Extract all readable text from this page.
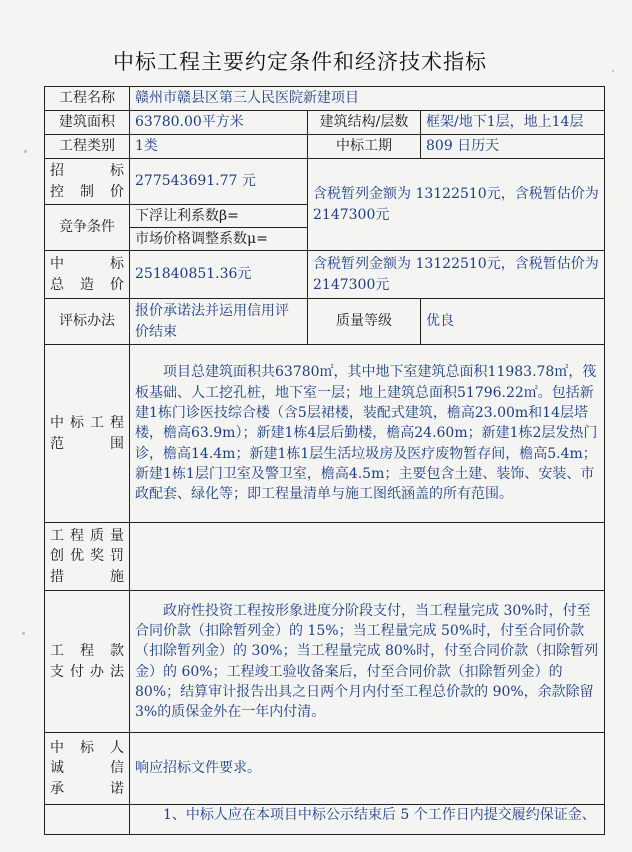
中标工程主要约定条件和经济技术指标
工程名称	赣州市赣县区第三人民医院新建项目		
建筑面积	63780.00平方米	建筑结构/层数	框架/地下1层，地上14层
工程类别	1类	中标工期	809 日历天

招　标
控制价	277543691.77 元	含税暂列金额为 13122510元，含税暂估价为2147300元	
竞争条件	下浮让利系数β=
市场价格调整系数μ=		

中　标
总造价	251840851.36元	含税暂列金额为 13122510元，含税暂估价为2147300元	
评标办法	报价承诺法并运用信用评价结束	质量等级	优良

中标工程
范　　围	项目总建筑面积共63780㎡，其中地下室建筑总面积11983.78㎡，筏板基础、人工挖孔桩，地下室一层；地上建筑总面积51796.22㎡。包括新建1栋门诊医技综合楼（含5层裙楼，装配式建筑，檐高23.00m和14层塔楼，檐高63.9m）；新建1栋4层后勤楼，檐高24.60m；新建1栋2层发热门诊，檐高14.4m；新建1栋1层生活垃圾房及医疗废物暂存间，檐高5.4m；新建1栋1层门卫室及警卫室，檐高4.5m；主要包含土建、装饰、安装、市政配套、绿化等；即工程量清单与施工图纸涵盖的所有范围。		

工程质量
创优奖罚
措　　施			

工 程 款
支付办法	政府性投资工程按形象进度分阶段支付，当工程量完成 30%时，付至合同价款（扣除暂列金）的 15%；当工程量完成 50%时，付至合同价款（扣除暂列金）的 30%；当工程量完成 80%时，付至合同价款（扣除暂列金）的 60%；工程竣工验收备案后，付至合同价款（扣除暂列金）的 80%；结算审计报告出具之日两个月内付至工程总价款的 90%，余款除留 3%的质保金外在一年内付清。		

中标人
诚　信
承　诺	响应招标文件要求。		
	1、中标人应在本项目中标公示结束后 5 个工作日内提交履约保证金、		
